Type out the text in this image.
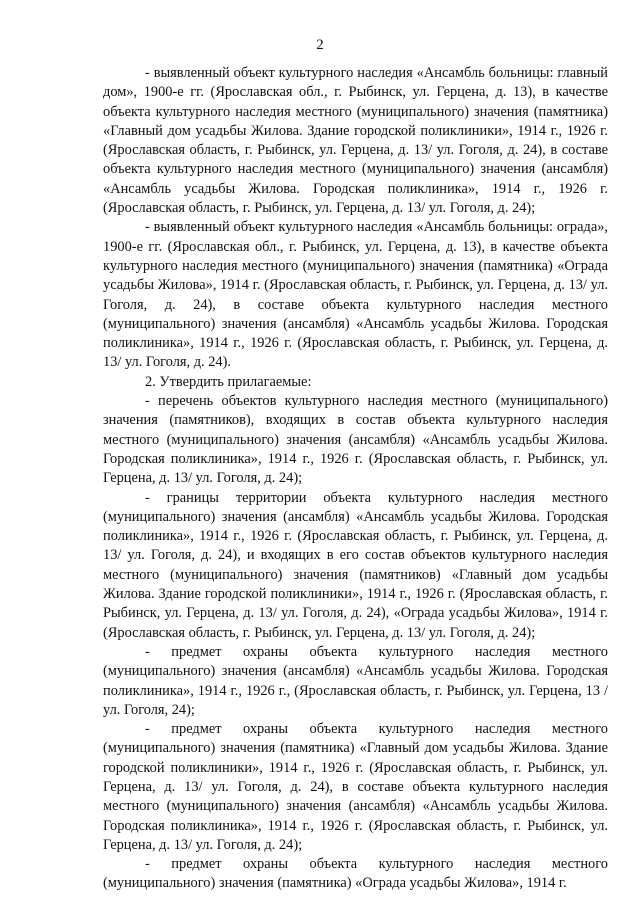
2

- выявленный объект культурного наследия «Ансамбль больницы: главный дом», 1900-е гг. (Ярославская обл., г. Рыбинск, ул. Герцена, д. 13), в качестве объекта культурного наследия местного (муниципального) значения (памятника) «Главный дом усадьбы Жилова. Здание городской поликлиники», 1914 г., 1926 г. (Ярославская область, г. Рыбинск, ул. Герцена, д. 13/ ул. Гоголя, д. 24), в составе объекта культурного наследия местного (муниципального) значения (ансамбля) «Ансамбль усадьбы Жилова. Городская поликлиника», 1914 г., 1926 г. (Ярославская область, г. Рыбинск, ул. Герцена, д. 13/ ул. Гоголя, д. 24);

- выявленный объект культурного наследия «Ансамбль больницы: ограда», 1900-е гг. (Ярославская обл., г. Рыбинск, ул. Герцена, д. 13), в качестве объекта культурного наследия местного (муниципального) значения (памятника) «Ограда усадьбы Жилова», 1914 г. (Ярославская область, г. Рыбинск, ул. Герцена, д. 13/ ул. Гоголя, д. 24), в составе объекта культурного наследия местного (муниципального) значения (ансамбля) «Ансамбль усадьбы Жилова. Городская поликлиника», 1914 г., 1926 г. (Ярославская область, г. Рыбинск, ул. Герцена, д. 13/ ул. Гоголя, д. 24).

2. Утвердить прилагаемые:

- перечень объектов культурного наследия местного (муниципального) значения (памятников), входящих в состав объекта культурного наследия местного (муниципального) значения (ансамбля) «Ансамбль усадьбы Жилова. Городская поликлиника», 1914 г., 1926 г. (Ярославская область, г. Рыбинск, ул. Герцена, д. 13/ ул. Гоголя, д. 24);

- границы территории объекта культурного наследия местного (муниципального) значения (ансамбля) «Ансамбль усадьбы Жилова. Городская поликлиника», 1914 г., 1926 г. (Ярославская область, г. Рыбинск, ул. Герцена, д. 13/ ул. Гоголя, д. 24), и входящих в его состав объектов культурного наследия местного (муниципального) значения (памятников) «Главный дом усадьбы Жилова. Здание городской поликлиники», 1914 г., 1926 г. (Ярославская область, г. Рыбинск, ул. Герцена, д. 13/ ул. Гоголя, д. 24), «Ограда усадьбы Жилова», 1914 г. (Ярославская область, г. Рыбинск, ул. Герцена, д. 13/ ул. Гоголя, д. 24);

- предмет охраны объекта культурного наследия местного (муниципального) значения (ансамбля) «Ансамбль усадьбы Жилова. Городская поликлиника», 1914 г., 1926 г., (Ярославская область, г. Рыбинск, ул. Герцена, 13 / ул. Гоголя, 24);

- предмет охраны объекта культурного наследия местного (муниципального) значения (памятника) «Главный дом усадьбы Жилова. Здание городской поликлиники», 1914 г., 1926 г. (Ярославская область, г. Рыбинск, ул. Герцена, д. 13/ ул. Гоголя, д. 24), в составе объекта культурного наследия местного (муниципального) значения (ансамбля) «Ансамбль усадьбы Жилова. Городская поликлиника», 1914 г., 1926 г. (Ярославская область, г. Рыбинск, ул. Герцена, д. 13/ ул. Гоголя, д. 24);

- предмет охраны объекта культурного наследия местного (муниципального) значения (памятника) «Ограда усадьбы Жилова», 1914 г.
